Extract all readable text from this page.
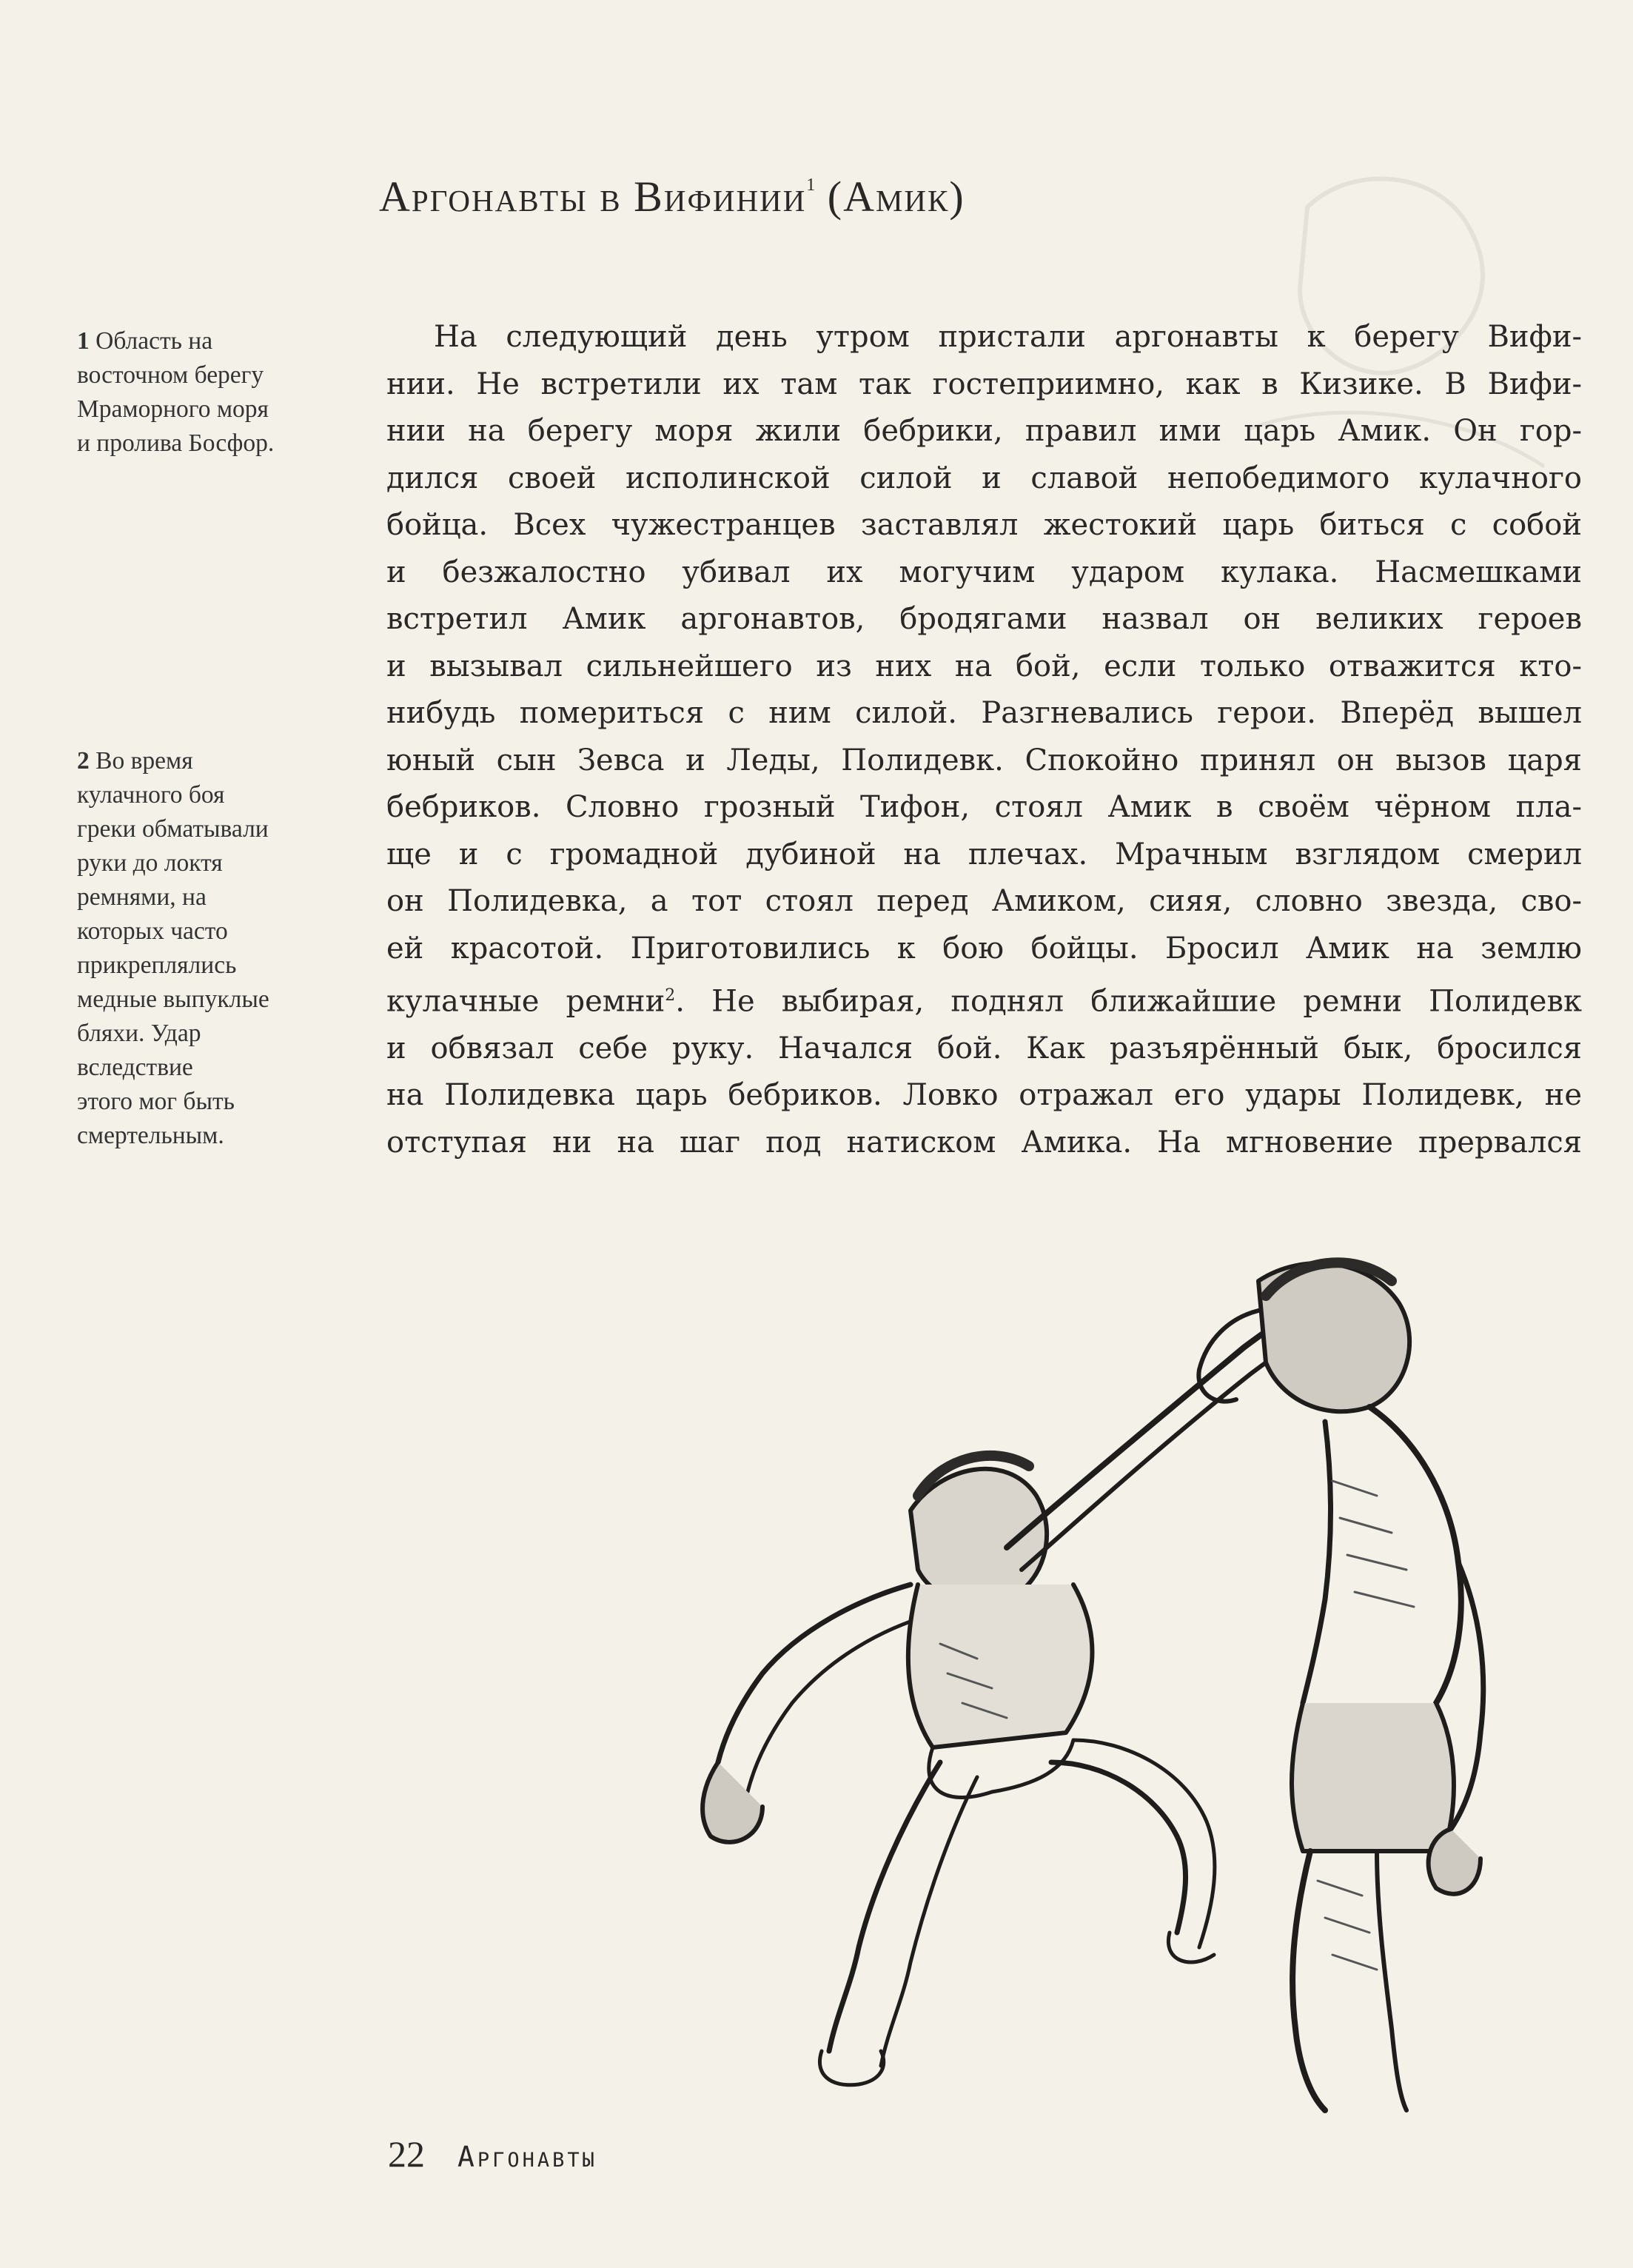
Аргонавты в Вифинии$^1$ (Амик)
1 Область на
восточном берегу
Мраморного моря
и пролива Босфор.
2 Во время
кулачного боя
греки обматывали
руки до локтя
ремнями, на
которых часто
прикреплялись
медные выпуклые
бляхи. Удар
вследствие
этого мог быть
смертельным.
На следующий день утром пристали аргонавты к берегу Вифи-
нии. Не встретили их там так гостеприимно, как в Кизике. В Вифи-
нии на берегу моря жили бебрики, правил ими царь Амик. Он гор-
дился своей исполинской силой и славой непобедимого кулачного
бойца. Всех чужестранцев заставлял жестокий царь биться с собой
и безжалостно убивал их могучим ударом кулака. Насмешками
встретил Амик аргонавтов, бродягами назвал он великих героев
и вызывал сильнейшего из них на бой, если только отважится кто-
нибудь помериться с ним силой. Разгневались герои. Вперёд вышел
юный сын Зевса и Леды, Полидевк. Спокойно принял он вызов царя
бебриков. Словно грозный Тифон, стоял Амик в своём чёрном пла-
ще и с громадной дубиной на плечах. Мрачным взглядом смерил
он Полидевка, а тот стоял перед Амиком, сияя, словно звезда, сво-
ей красотой. Приготовились к бою бойцы. Бросил Амик на землю
кулачные ремни$^2$. Не выбирая, поднял ближайшие ремни Полидевк
и обвязал себе руку. Начался бой. Как разъярённый бык, бросился
на Полидевка царь бебриков. Ловко отражал его удары Полидевк, не
отступая ни на шаг под натиском Амика. На мгновение прервался
22 Аргонавты
